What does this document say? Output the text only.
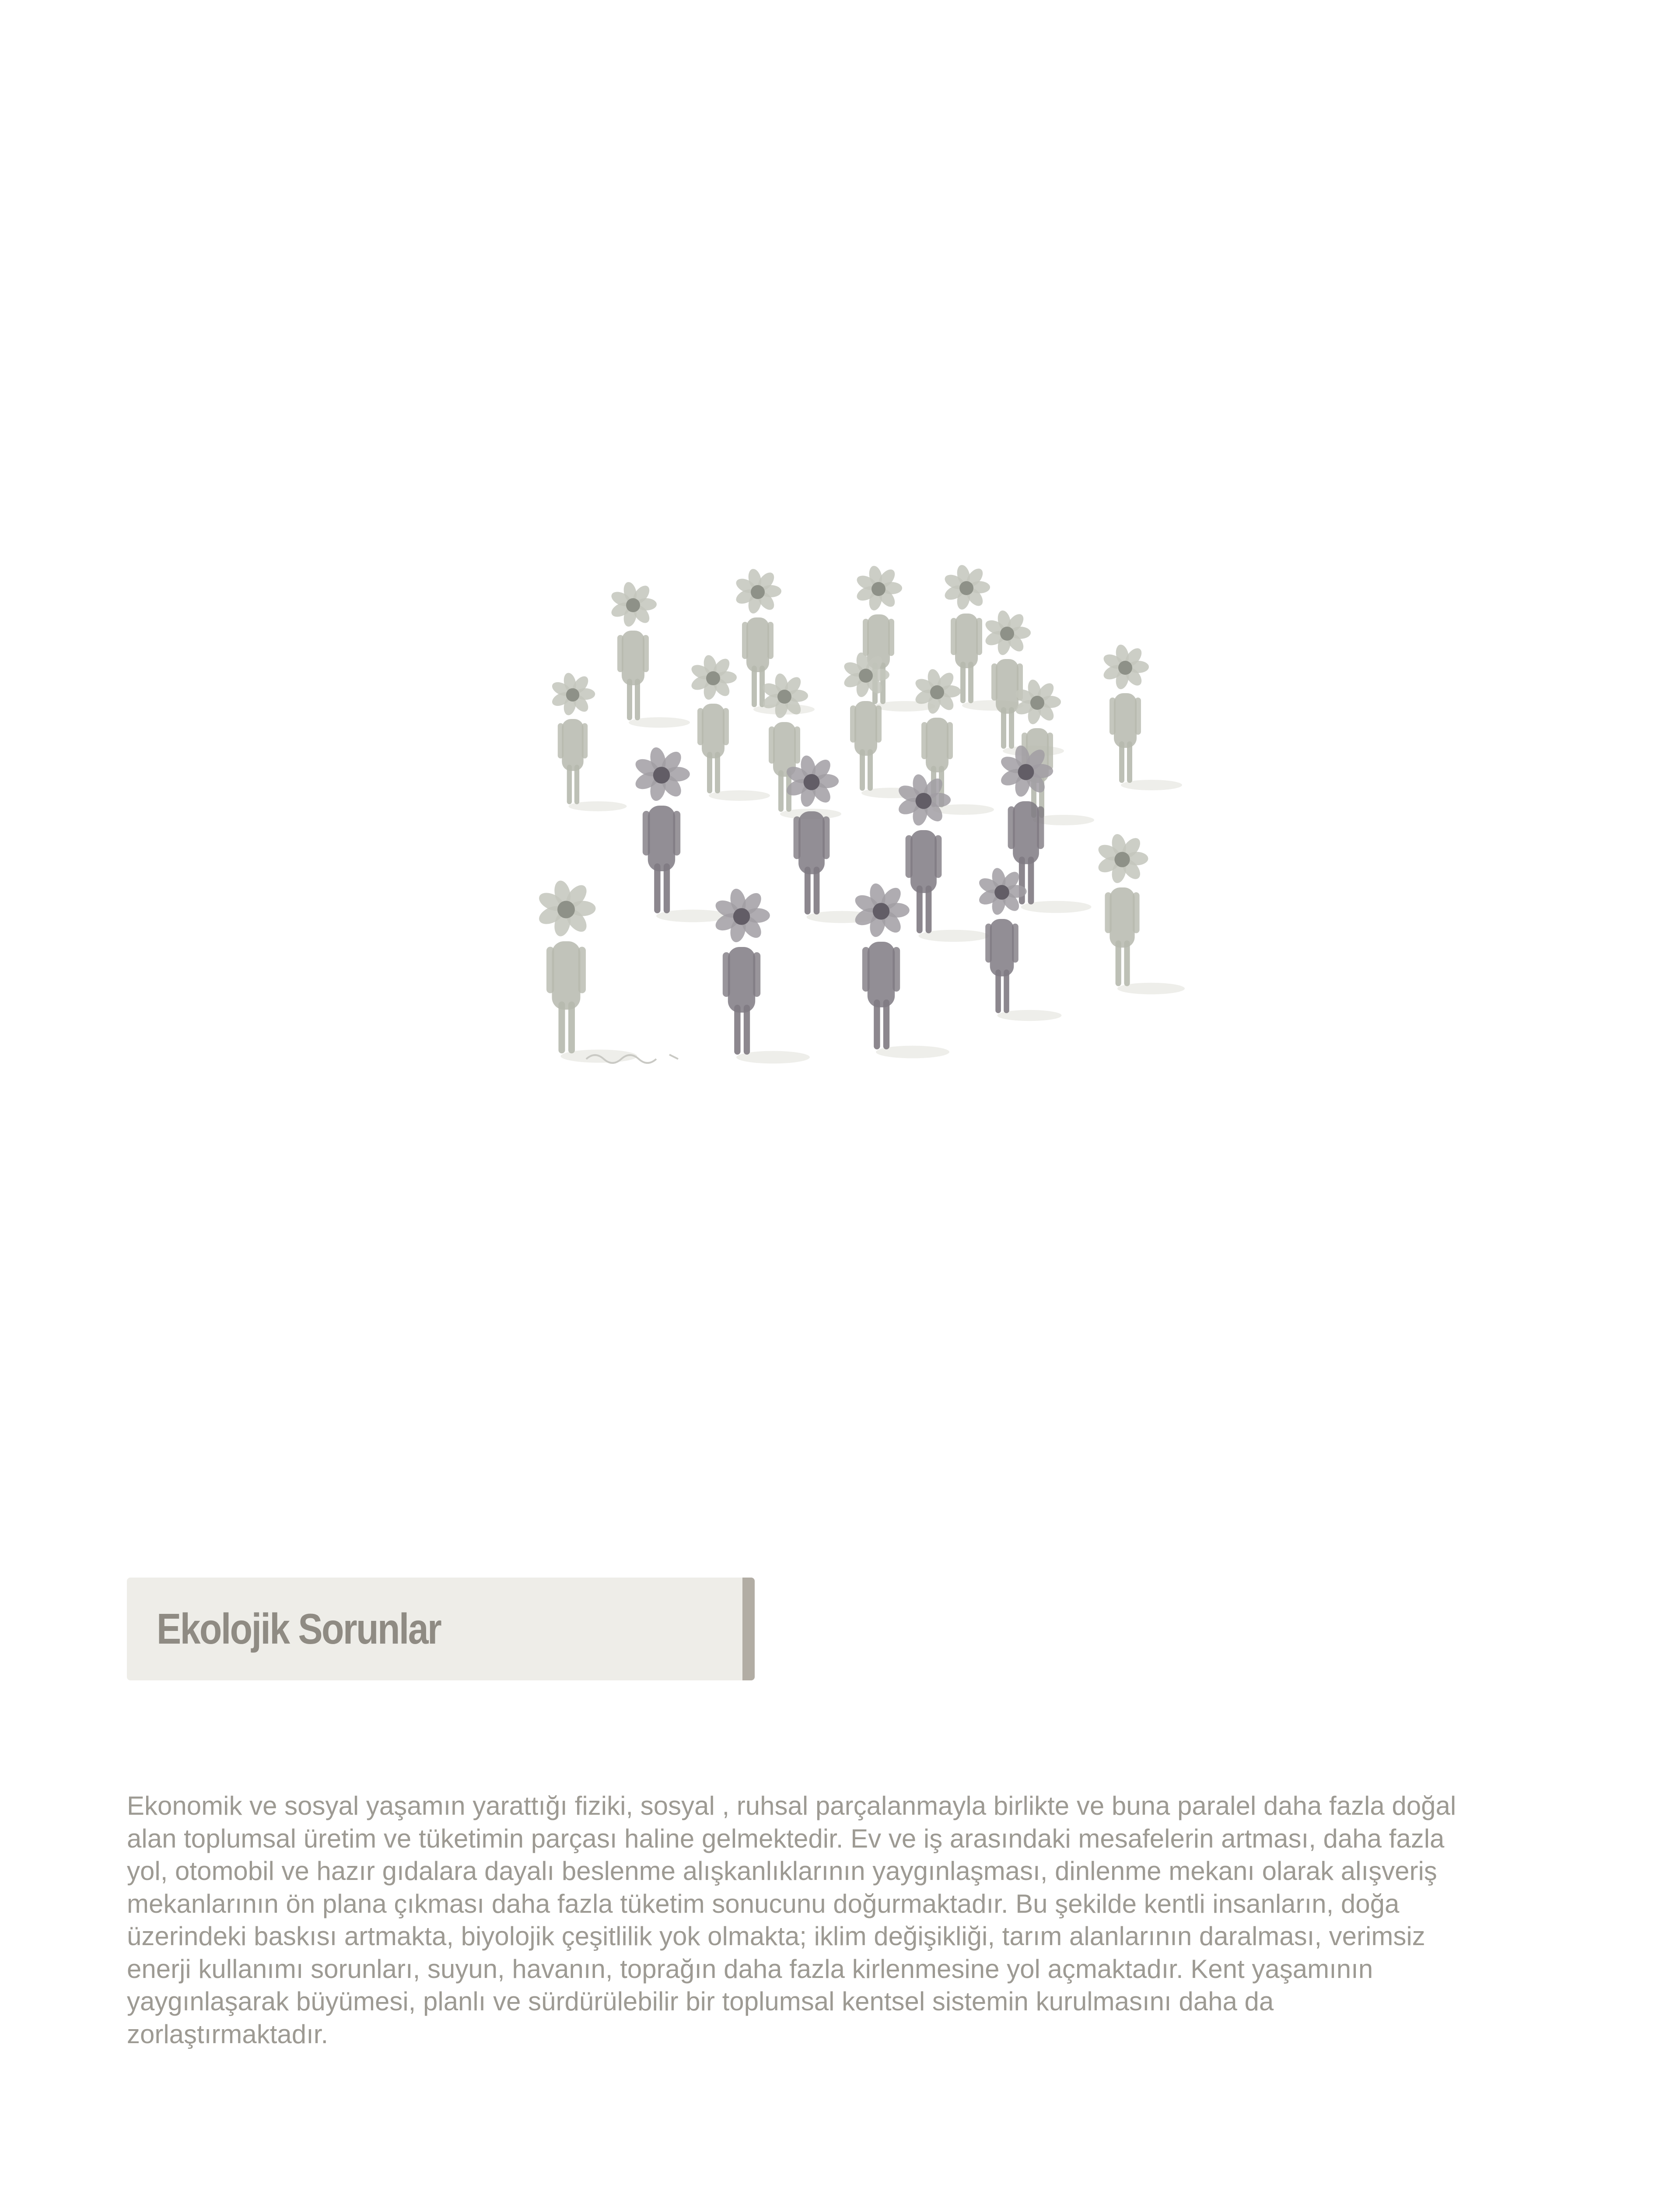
Ekolojik Sorunlar

Ekonomik ve sosyal yaşamın yarattığı fiziki, sosyal , ruhsal parçalanmayla birlikte ve buna paralel daha fazla doğal
alan toplumsal üretim ve tüketimin parçası haline gelmektedir. Ev ve iş arasındaki mesafelerin artması, daha fazla
yol, otomobil ve hazır gıdalara dayalı beslenme alışkanlıklarının yaygınlaşması, dinlenme mekanı olarak alışveriş
mekanlarının ön plana çıkması daha fazla tüketim sonucunu doğurmaktadır. Bu şekilde kentli insanların, doğa
üzerindeki baskısı artmakta, biyolojik çeşitlilik yok olmakta; iklim değişikliği, tarım alanlarının daralması, verimsiz
enerji kullanımı sorunları, suyun, havanın, toprağın daha fazla kirlenmesine yol açmaktadır. Kent yaşamının
yaygınlaşarak büyümesi, planlı ve sürdürülebilir bir toplumsal kentsel sistemin kurulmasını daha da
zorlaştırmaktadır.
